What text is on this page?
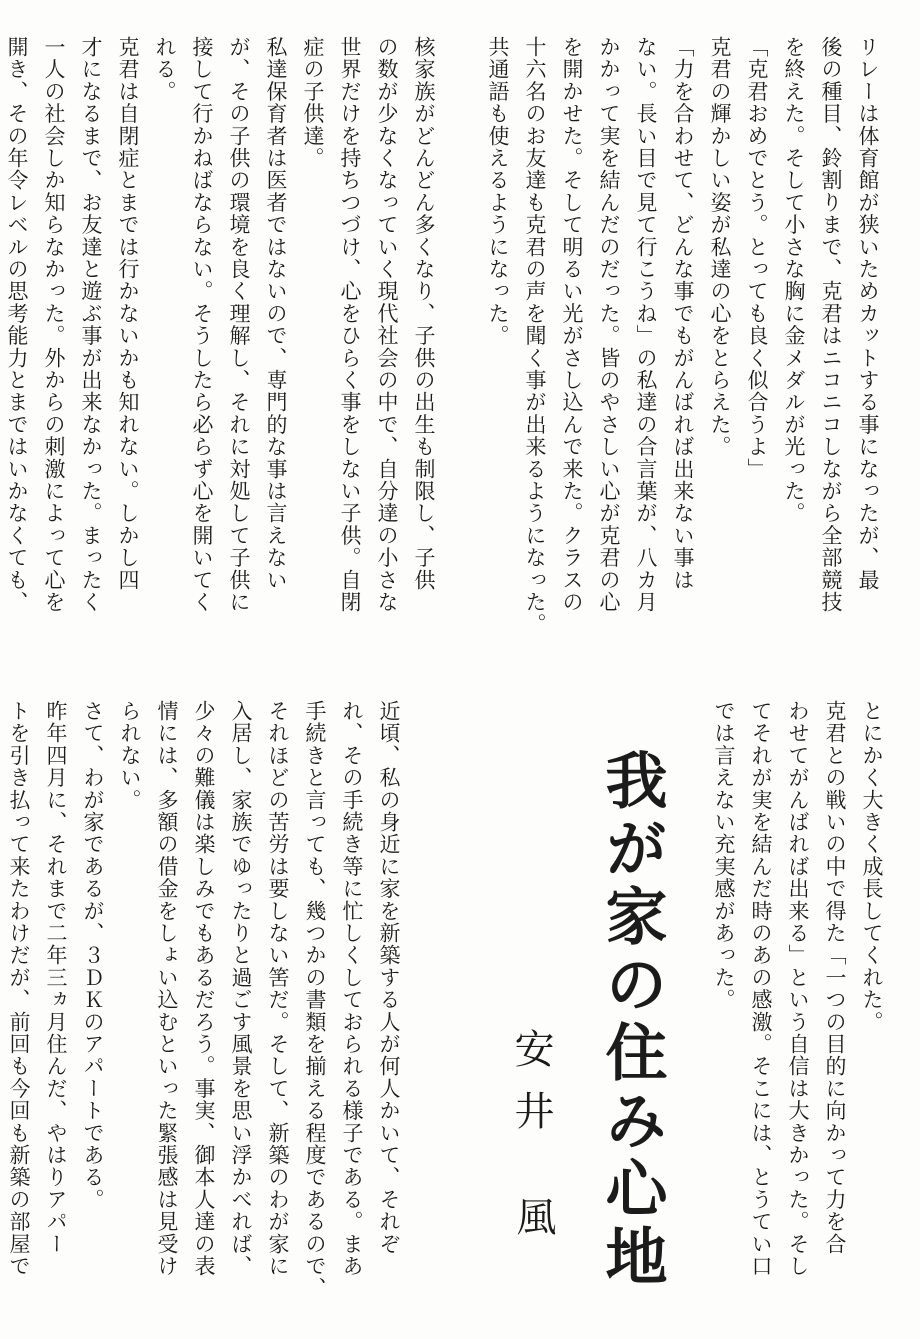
リレーは体育館が狭いためカットする事になったが、最
後の種目、鈴割りまで、克君はニコニコしながら全部競技
を終えた。そして小さな胸に金メダルが光った。
「克君おめでとう。とっても良く似合うよ」
克君の輝かしい姿が私達の心をとらえた。
「力を合わせて、どんな事でもがんばれば出来ない事は
ない。長い目で見て行こうね」の私達の合言葉が、八カ月
かかって実を結んだのだった。皆のやさしい心が克君の心
を開かせた。そして明るい光がさし込んで来た。クラスの
十六名のお友達も克君の声を聞く事が出来るようになった。
共通語も使えるようになった。

核家族がどんどん多くなり、子供の出生も制限し、子供
の数が少なくなっていく現代社会の中で、自分達の小さな
世界だけを持ちつづけ、心をひらく事をしない子供。自閉
症の子供達。
私達保育者は医者ではないので、専門的な事は言えない
が、その子供の環境を良く理解し、それに対処して子供に
接して行かねばならない。そうしたら必らず心を開いてく
れる。
克君は自閉症とまでは行かないかも知れない。しかし四
才になるまで、お友達と遊ぶ事が出来なかった。まったく
一人の社会しか知らなかった。外からの刺激によって心を
開き、その年令レベルの思考能力とまではいかなくても、
とにかく大きく成長してくれた。
克君との戦いの中で得た「一つの目的に向かって力を合
わせてがんばれば出来る」という自信は大きかった。そし
てそれが実を結んだ時のあの感激。そこには、とうてい口
では言えない充実感があった。
我が家の住み心地
安井
風
近頃、私の身近に家を新築する人が何人かいて、それぞ
れ、その手続き等に忙しくしておられる様子である。まあ
手続きと言っても、幾つかの書類を揃える程度であるので、
それほどの苦労は要しない筈だ。そして、新築のわが家に
入居し、家族でゆったりと過ごす風景を思い浮かべれば、
少々の難儀は楽しみでもあるだろう。事実、御本人達の表
情には、多額の借金をしょい込むといった緊張感は見受け
られない。
さて、わが家であるが、３ＤＫのアパートである。
昨年四月に、それまで二年三ヵ月住んだ、やはりアパー
トを引き払って来たわけだが、前回も今回も新築の部屋で
